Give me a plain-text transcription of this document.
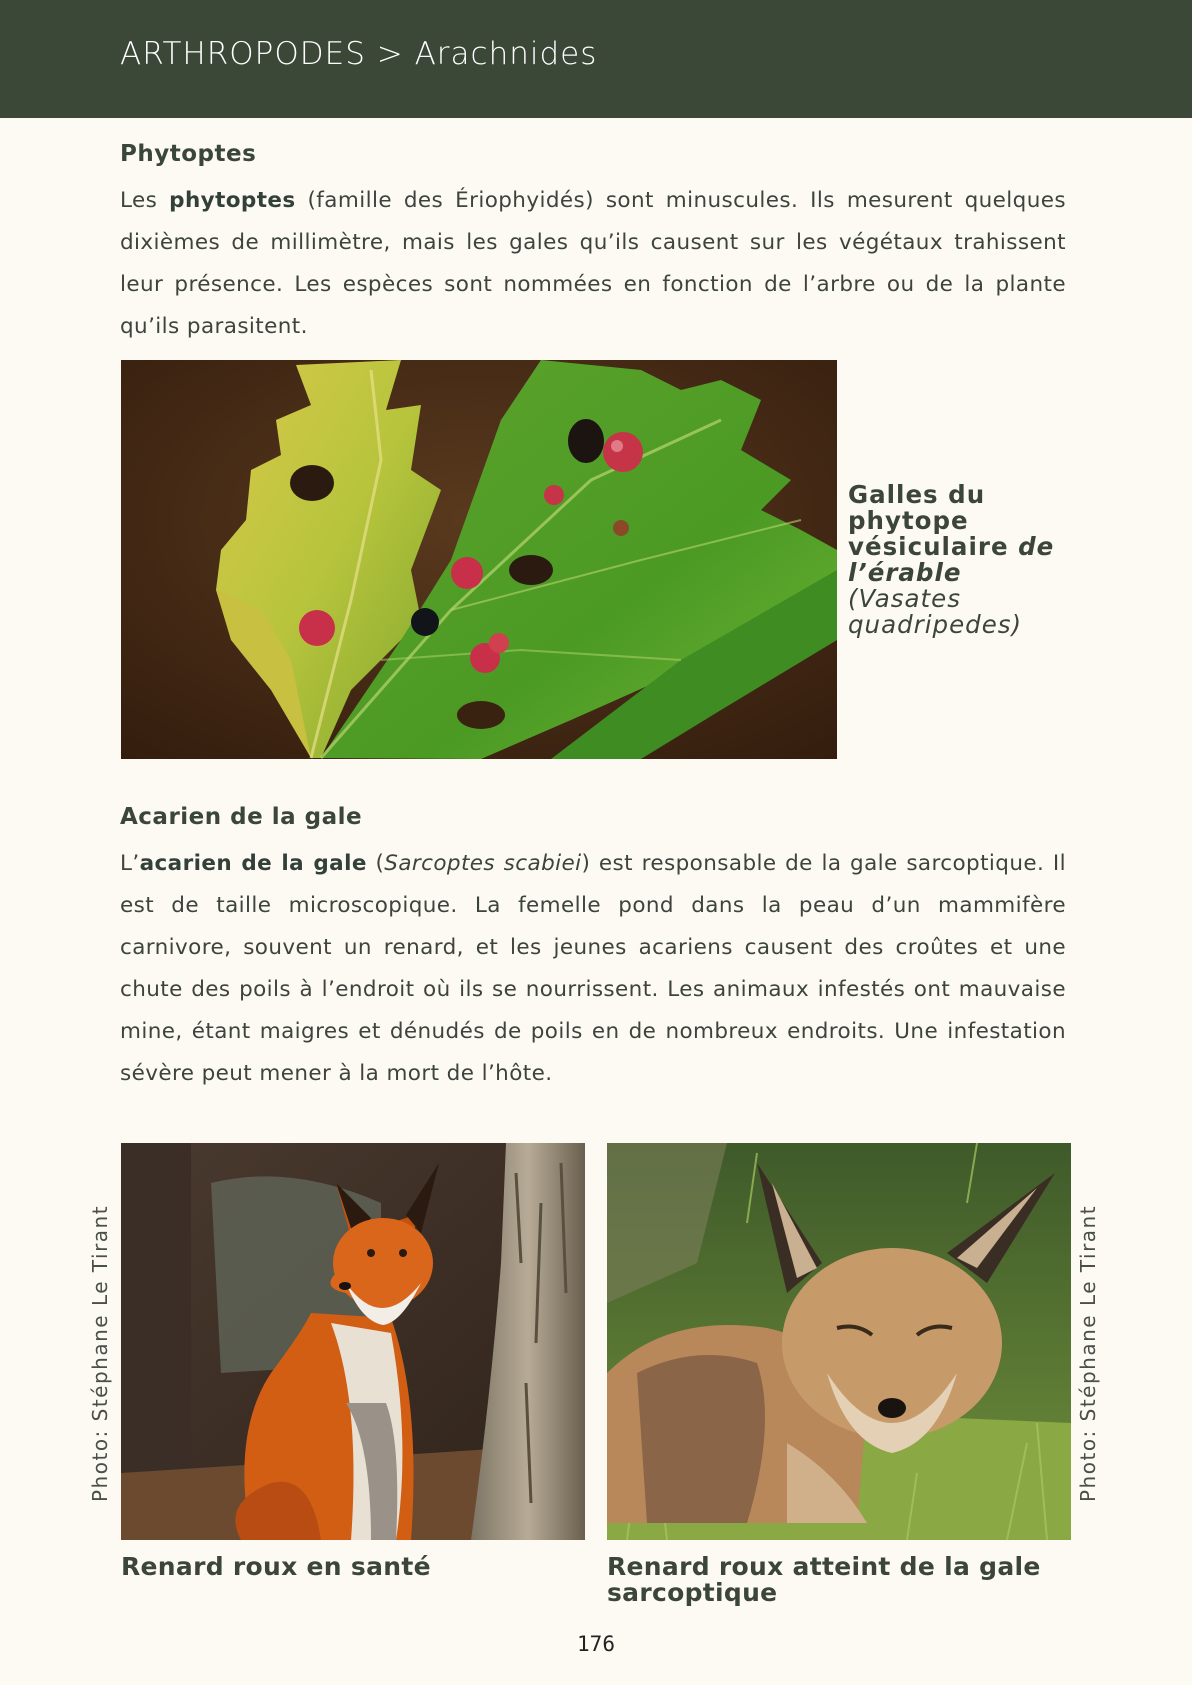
ARTHROPODES > Arachnides
Phytoptes
Les phytoptes (famille des Ériophyidés) sont minuscules. Ils mesurent quelques dixièmes de millimètre, mais les gales qu’ils causent sur les végétaux trahissent leur présence. Les espèces sont nommées en fonction de l’arbre ou de la plante qu’ils parasitent.
Galles du phytope vésiculaire de l’érable
(Vasates quadripedes)
Acarien de la gale
L’acarien de la gale (Sarcoptes scabiei) est responsable de la gale sarcoptique. Il est de taille microscopique. La femelle pond dans la peau d’un mammifère carnivore, souvent un renard, et les jeunes acariens causent des croûtes et une chute des poils à l’endroit où ils se nourrissent. Les animaux infestés ont mauvaise mine, étant maigres et dénudés de poils en de nombreux endroits. Une infestation sévère peut mener à la mort de l’hôte.
Renard roux en santé	Renard roux atteint de la gale sarcoptique
Photo: Stéphane Le Tirant	Photo: Stéphane Le Tirant
176
